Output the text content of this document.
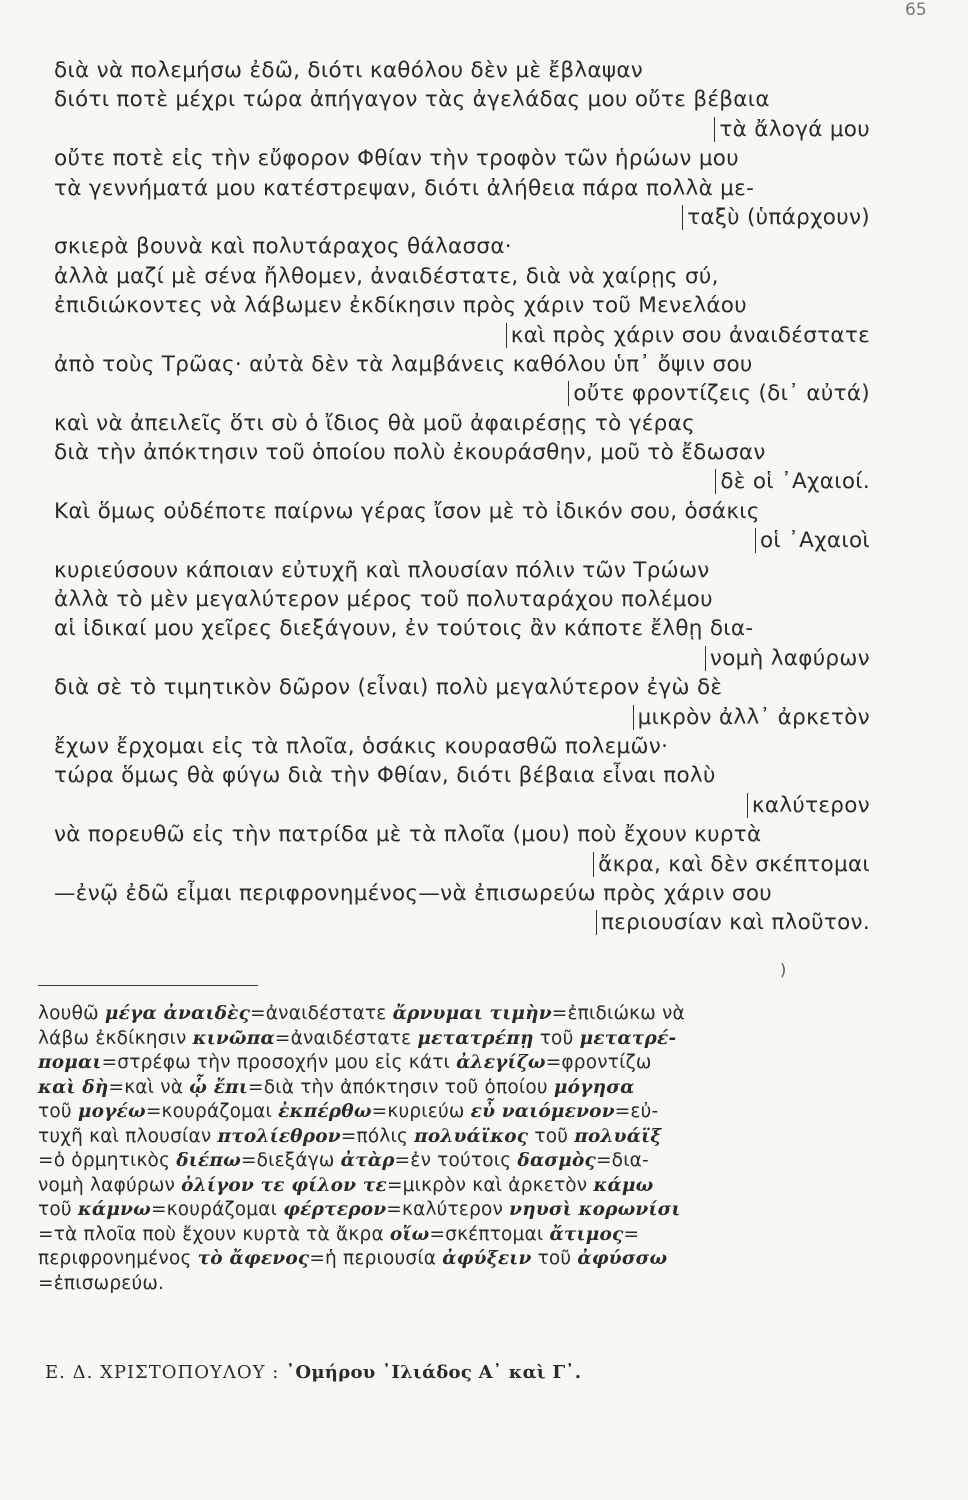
65
διὰ νὰ πολεμήσω ἐδῶ, διότι καθόλου δὲν μὲ ἔβλαψαν
διότι ποτὲ μέχρι τώρα ἀπήγαγον τὰς ἀγελάδας μου οὔτε βέβαια
τὰ ἄλογά μου
οὔτε ποτὲ εἰς τὴν εὔφορον Φθίαν τὴν τροφὸν τῶν ἡρώων μου
τὰ γεννήματά μου κατέστρεψαν, διότι ἀλήθεια πάρα πολλὰ με-
ταξὺ (ὑπάρχουν)
σκιερὰ βουνὰ καὶ πολυτάραχος θάλασσα·
ἀλλὰ μαζί μὲ σένα ἤλθομεν, ἀναιδέστατε, διὰ νὰ χαίρῃς σύ,
ἐπιδιώκοντες νὰ λάβωμεν ἐκδίκησιν πρὸς χάριν τοῦ Μενελάου
καὶ πρὸς χάριν σου ἀναιδέστατε
ἀπὸ τοὺς Τρῶας· αὐτὰ δὲν τὰ λαμβάνεις καθόλου ὑπ᾽ ὄψιν σου
οὔτε φροντίζεις (δι᾽ αὐτά)
καὶ νὰ ἀπειλεῖς ὅτι σὺ ὁ ἴδιος θὰ μοῦ ἀφαιρέσῃς τὸ γέρας
διὰ τὴν ἀπόκτησιν τοῦ ὁποίου πολὺ ἐκουράσθην, μοῦ τὸ ἔδωσαν
δὲ οἱ ᾽Αχαιοί.
Καὶ ὅμως οὐδέποτε παίρνω γέρας ἴσον μὲ τὸ ἰδικόν σου, ὁσάκις
οἱ ᾽Αχαιοὶ
κυριεύσουν κάποιαν εὐτυχῆ καὶ πλουσίαν πόλιν τῶν Τρώων
ἀλλὰ τὸ μὲν μεγαλύτερον μέρος τοῦ πολυταράχου πολέμου
αἱ ἰδικαί μου χεῖρες διεξάγουν, ἐν τούτοις ἂν κάποτε ἔλθῃ δια-
νομὴ λαφύρων
διὰ σὲ τὸ τιμητικὸν δῶρον (εἶναι) πολὺ μεγαλύτερον ἐγὼ δὲ
μικρὸν ἀλλ᾽ ἀρκετὸν
ἔχων ἔρχομαι εἰς τὰ πλοῖα, ὁσάκις κουρασθῶ πολεμῶν·
τώρα ὅμως θὰ φύγω διὰ τὴν Φθίαν, διότι βέβαια εἶναι πολὺ
καλύτερον
νὰ πορευθῶ εἰς τὴν πατρίδα μὲ τὰ πλοῖα (μου) ποὺ ἔχουν κυρτὰ
ἄκρα, καὶ δὲν σκέπτομαι
—ἐνῷ ἐδῶ εἶμαι περιφρονημένος—νὰ ἐπισωρεύω πρὸς χάριν σου
περιουσίαν καὶ πλοῦτον.
)
λουθῶ μέγα ἀναιδὲς=ἀναιδέστατε ἄρνυμαι τιμὴν=ἐπιδιώκω νὰ
λάβω ἐκδίκησιν κινῶπα=ἀναιδέστατε μετατρέπῃ τοῦ μετατρέ-
πομαι=στρέφω τὴν προσοχήν μου εἰς κάτι ἀλεγίζω=φροντίζω
καὶ δὴ=καὶ νὰ ᾧ ἔπι=διὰ τὴν ἀπόκτησιν τοῦ ὁποίου μόγησα
τοῦ μογέω=κουράζομαι ἐκπέρθω=κυριεύω εὖ ναιόμενον=εὐ-
τυχῆ καὶ πλουσίαν πτολίεθρον=πόλις πολυάϊκος τοῦ πολυάϊξ
=ὁ ὁρμητικὸς διέπω=διεξάγω ἀτὰρ=ἐν τούτοις δασμὸς=δια-
νομὴ λαφύρων ὀλίγον τε φίλον τε=μικρὸν καὶ ἀρκετὸν κάμω
τοῦ κάμνω=κουράζομαι φέρτερον=καλύτερον νηυσὶ κορωνίσι
=τὰ πλοῖα ποὺ ἔχουν κυρτὰ τὰ ἄκρα οἴω=σκέπτομαι ἄτιμος=
περιφρονημένος τὸ ἄφενος=ἡ περιουσία ἀφύξειν τοῦ ἀφύσσω
=ἐπισωρεύω.
Ε. Δ. ΧΡΙΣΤΟΠΟΥΛΟΥ : ᾽Ομήρου ᾽Ιλιάδος Α᾽ καὶ Γ᾽.
